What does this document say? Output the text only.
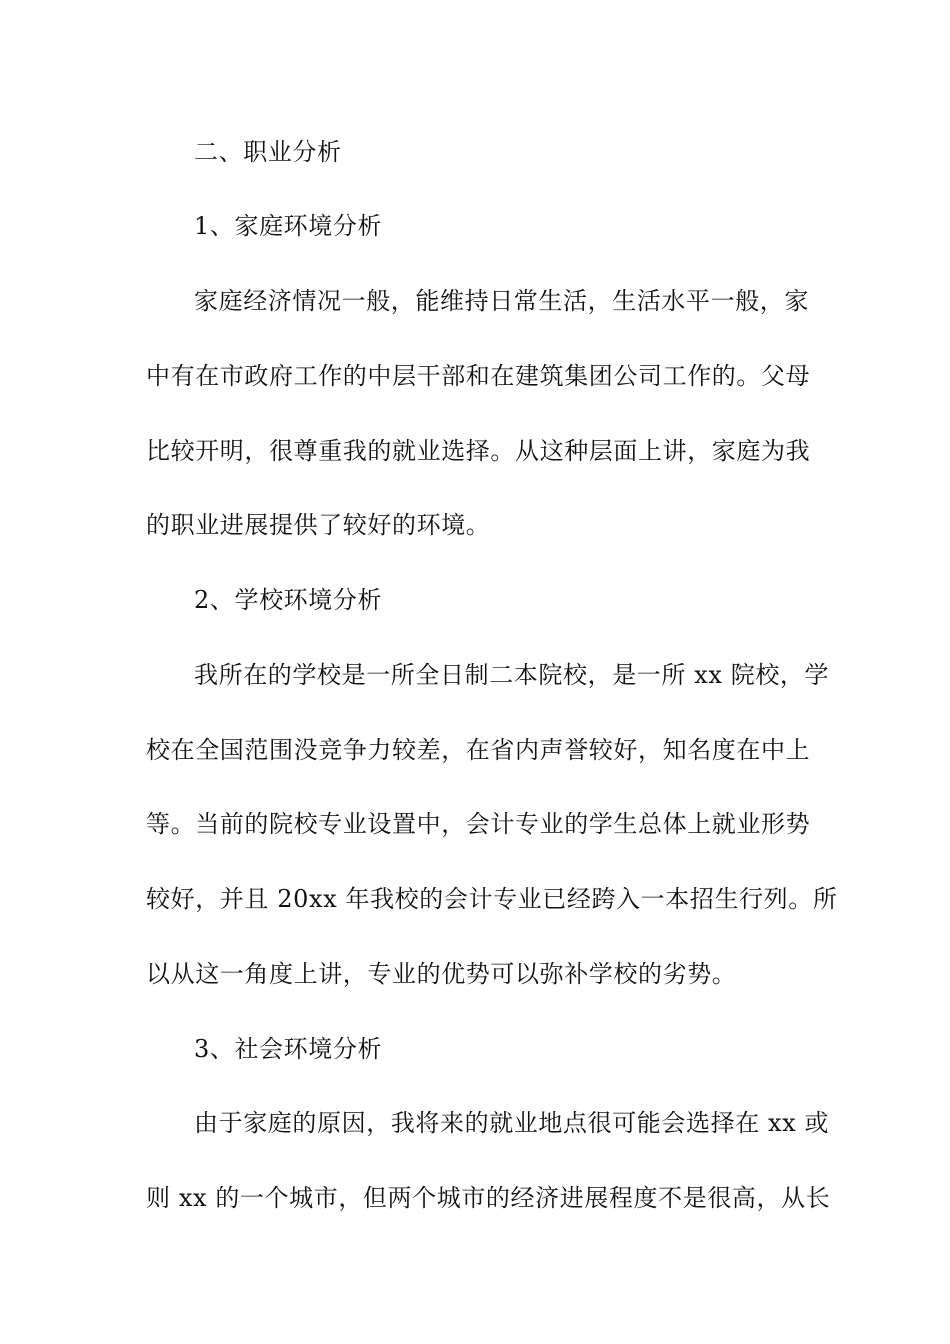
二、职业分析
1、家庭环境分析
家庭经济情况一般，能维持日常生活，生活水平一般，家
中有在市政府工作的中层干部和在建筑集团公司工作的。父母
比较开明，很尊重我的就业选择。从这种层面上讲，家庭为我
的职业进展提供了较好的环境。
2、学校环境分析
我所在的学校是一所全日制二本院校，是一所 xx 院校，学
校在全国范围没竞争力较差，在省内声誉较好，知名度在中上
等。当前的院校专业设置中，会计专业的学生总体上就业形势
较好，并且 20xx 年我校的会计专业已经跨入一本招生行列。所
以从这一角度上讲，专业的优势可以弥补学校的劣势。
3、社会环境分析
由于家庭的原因，我将来的就业地点很可能会选择在 xx 或
则 xx 的一个城市，但两个城市的经济进展程度不是很高，从长
